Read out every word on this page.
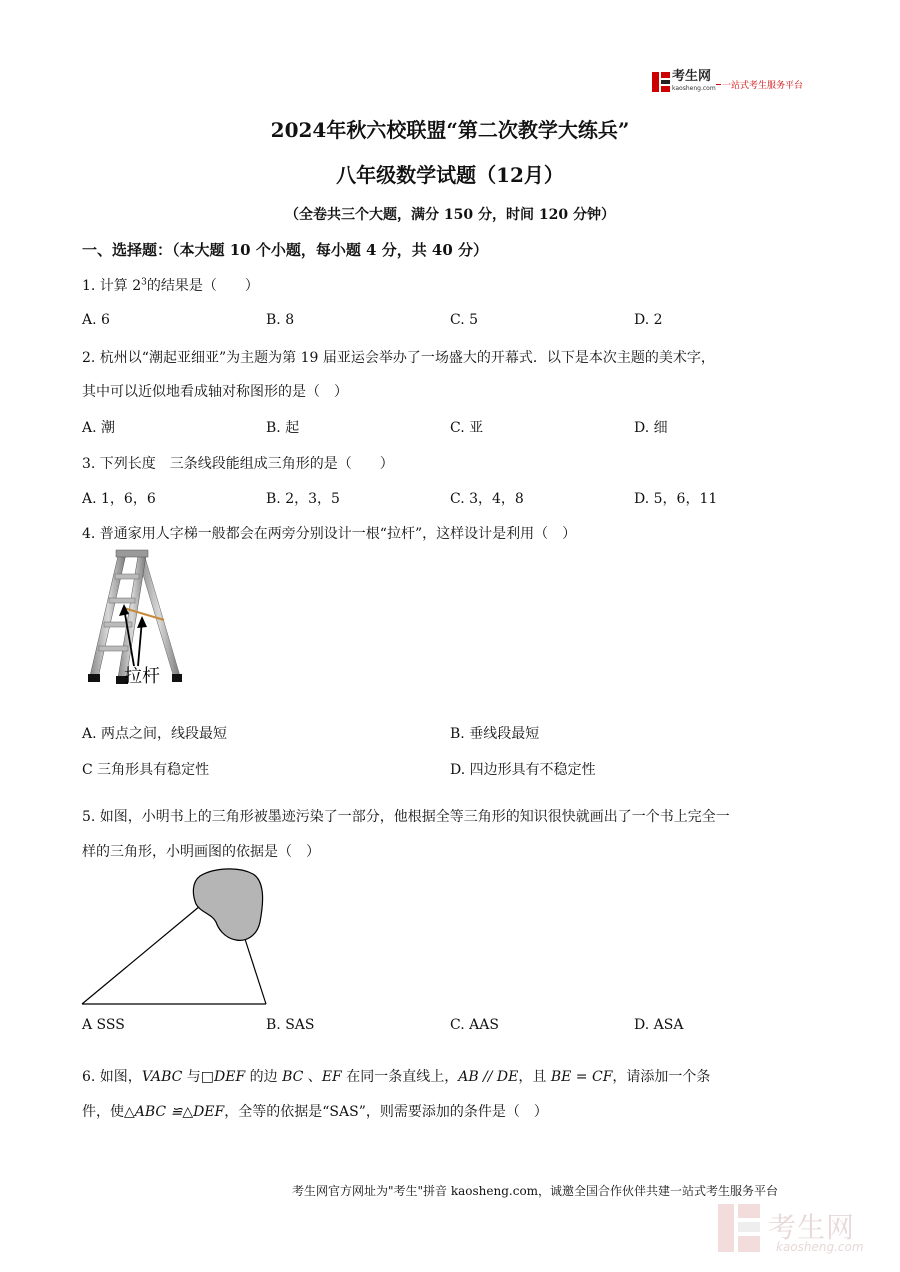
考生网
kaosheng.com 一站式考生服务平台
2024年秋六校联盟“第二次教学大练兵”
八年级数学试题（12月）
（全卷共三个大题，满分 150 分，时间 120 分钟）
一、选择题：（本大题 10 个小题，每小题 4 分，共 40 分）
1. 计算 $2^3$的结果是（　　）
A. 6	B. 8	C. 5	D. 2
2. 杭州以“潮起亚细亚”为主题为第 19 届亚运会举办了一场盛大的开幕式．以下是本次主题的美术字，
其中可以近似地看成轴对称图形的是（　）
A. 潮	B. 起	C. 亚	D. 细
3. 下列长度　三条线段能组成三角形的是（　　）
A. 1，6，6	B. 2，3，5	C. 3，4，8	D. 5，6，11
4. 普通家用人字梯一般都会在两旁分别设计一根“拉杆”，这样设计是利用（　）
拉杆
A. 两点之间，线段最短	B. 垂线段最短
C 三角形具有稳定性	D. 四边形具有不稳定性
5. 如图，小明书上的三角形被墨迹污染了一部分，他根据全等三角形的知识很快就画出了一个书上完全一
样的三角形，小明画图的依据是（　）
A SSS	B. SAS	C. AAS	D. ASA
6. 如图，VABC 与□DEF 的边 BC 、EF 在同一条直线上，AB // DE，且 BE = CF，请添加一个条
件，使△ABC ≌△DEF，全等的依据是“SAS”，则需要添加的条件是（　）
考生网官方网址为"考生"拼音 kaosheng.com，诚邀全国合作伙伴共建一站式考生服务平台
考生网
kaosheng.com
